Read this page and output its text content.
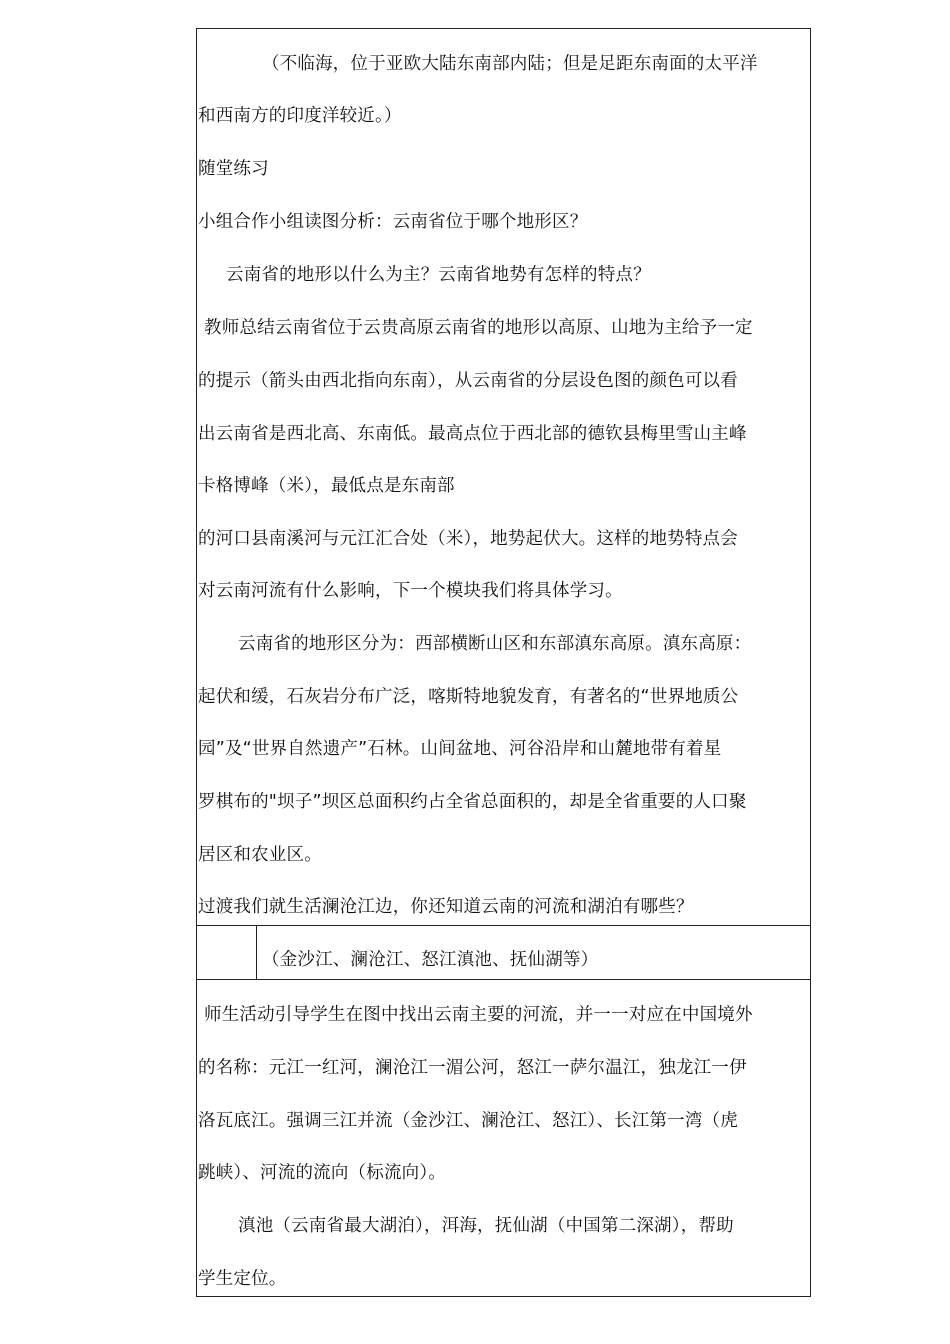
（不临海，位于亚欧大陆东南部内陆；但是足距东南面的太平洋
和西南方的印度洋较近。）
随堂练习
小组合作小组读图分析：云南省位于哪个地形区？
云南省的地形以什么为主？云南省地势有怎样的特点？
教师总结云南省位于云贵高原云南省的地形以高原、山地为主给予一定
的提示（箭头由西北指向东南），从云南省的分层设色图的颜色可以看
出云南省是西北高、东南低。最高点位于西北部的德钦县梅里雪山主峰
卡格博峰（米），最低点是东南部
的河口县南溪河与元江汇合处（米），地势起伏大。这样的地势特点会
对云南河流有什么影响，下一个模块我们将具体学习。
云南省的地形区分为：西部横断山区和东部滇东高原。滇东高原：
起伏和缓，石灰岩分布广泛，喀斯特地貌发育，有著名的“世界地质公
园”及“世界自然遗产”石林。山间盆地、河谷沿岸和山麓地带有着星
罗棋布的"坝子”坝区总面积约占全省总面积的，却是全省重要的人口聚
居区和农业区。
过渡我们就生活澜沧江边，你还知道云南的河流和湖泊有哪些？
（金沙江、澜沧江、怒江滇池、抚仙湖等）
师生活动引导学生在图中找出云南主要的河流，并一一对应在中国境外
的名称：元江一红河，澜沧江一湄公河，怒江一萨尔温江，独龙江一伊
洛瓦底江。强调三江并流（金沙江、澜沧江、怒江）、长江第一湾（虎
跳峡）、河流的流向（标流向）。
滇池（云南省最大湖泊），洱海，抚仙湖（中国第二深湖），帮助
学生定位。
